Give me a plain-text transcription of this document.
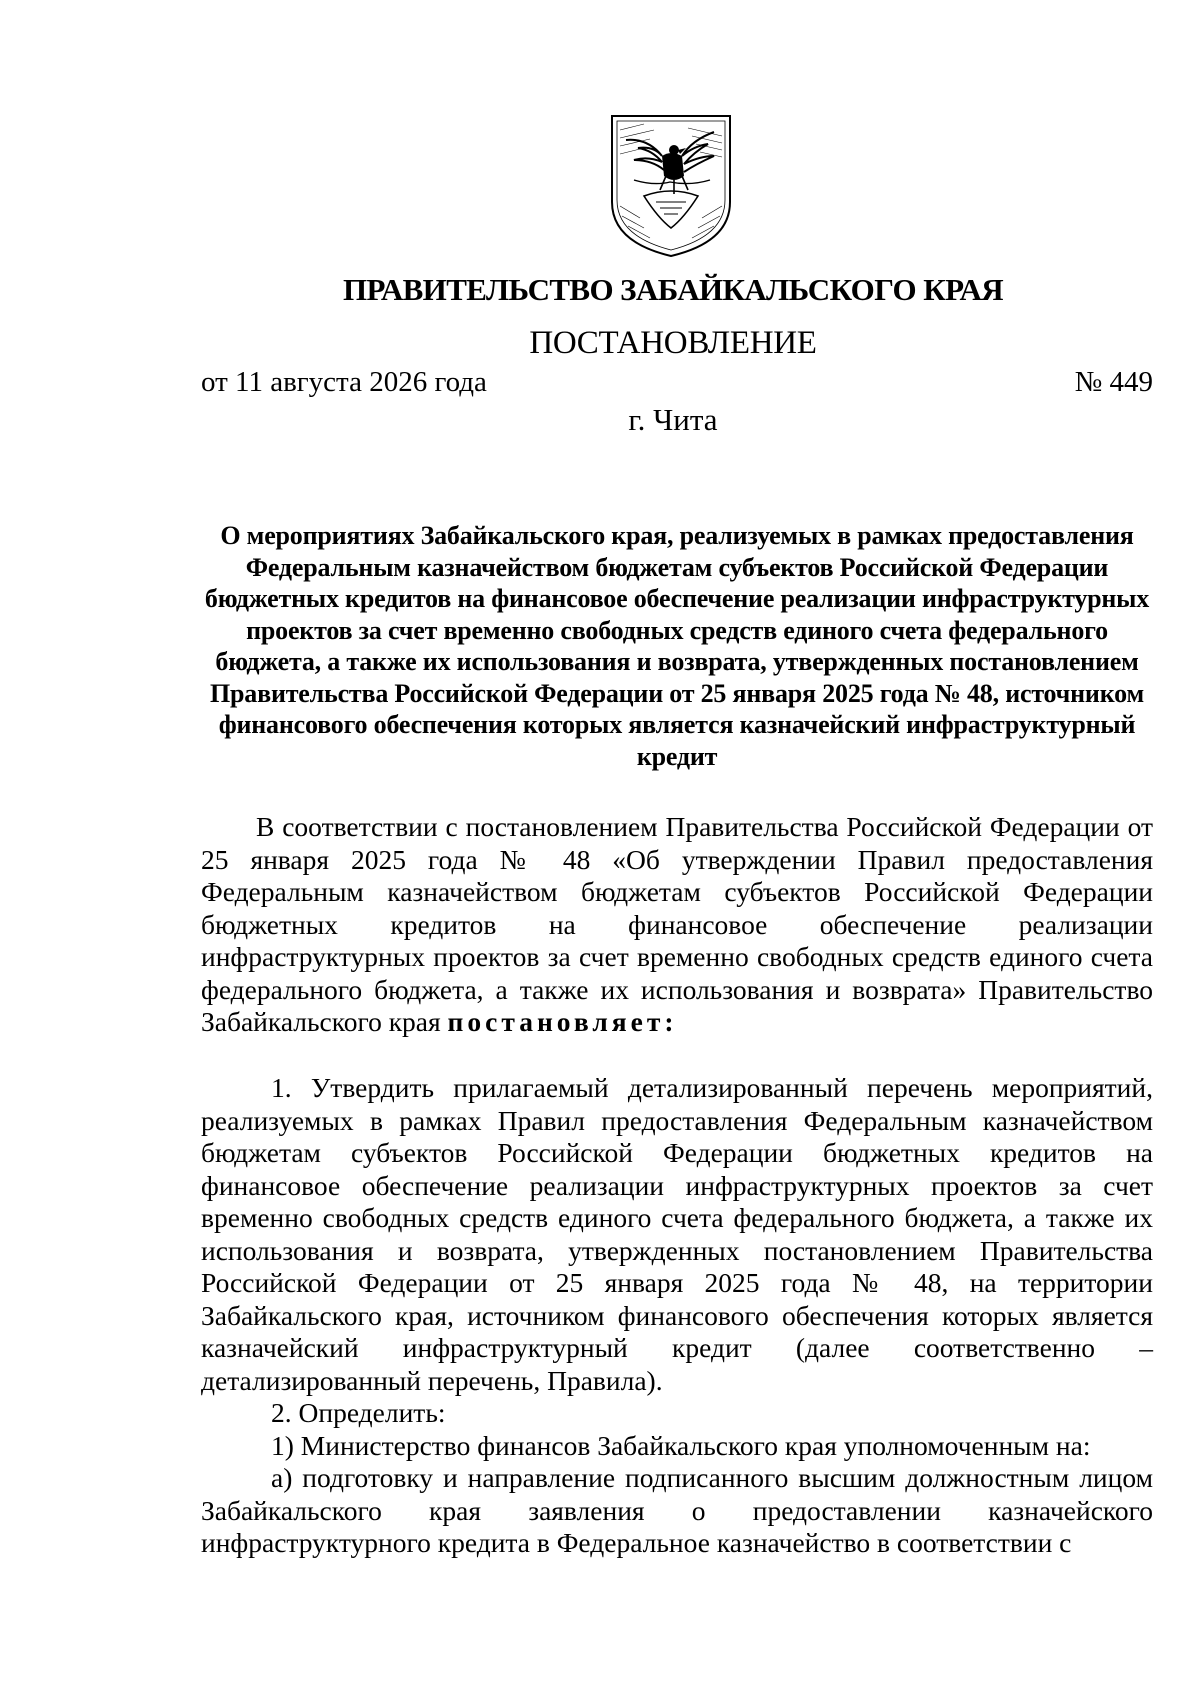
ПРАВИТЕЛЬСТВО ЗАБАЙКАЛЬСКОГО КРАЯ
ПОСТАНОВЛЕНИЕ
от 11 августа 2026 года	№ 449
г. Чита
О мероприятиях Забайкальского края, реализуемых в рамках предоставления Федеральным казначейством бюджетам субъектов Российской Федерации бюджетных кредитов на финансовое обеспечение реализации инфраструктурных проектов за счет временно свободных средств единого счета федерального бюджета, а также их использования и возврата, утвержденных постановлением Правительства Российской Федерации от 25 января 2025 года № 48, источником финансового обеспечения которых является казначейский инфраструктурный кредит

В соответствии с постановлением Правительства Российской Федерации от 25 января 2025 года № 48 «Об утверждении Правил предоставления Федеральным казначейством бюджетам субъектов Российской Федерации бюджетных кредитов на финансовое обеспечение реализации инфраструктурных проектов за счет временно свободных средств единого счета федерального бюджета, а также их использования и возврата» Правительство Забайкальского края постановляет:

1. Утвердить прилагаемый детализированный перечень мероприятий, реализуемых в рамках Правил предоставления Федеральным казначейством бюджетам субъектов Российской Федерации бюджетных кредитов на финансовое обеспечение реализации инфраструктурных проектов за счет временно свободных средств единого счета федерального бюджета, а также их использования и возврата, утвержденных постановлением Правительства Российской Федерации от 25 января 2025 года № 48, на территории Забайкальского края, источником финансового обеспечения которых является казначейский инфраструктурный кредит (далее соответственно – детализированный перечень, Правила).

2. Определить:

1) Министерство финансов Забайкальского края уполномоченным на:

а) подготовку и направление подписанного высшим должностным лицом Забайкальского края заявления о предоставлении казначейского инфраструктурного кредита в Федеральное казначейство в соответствии с
